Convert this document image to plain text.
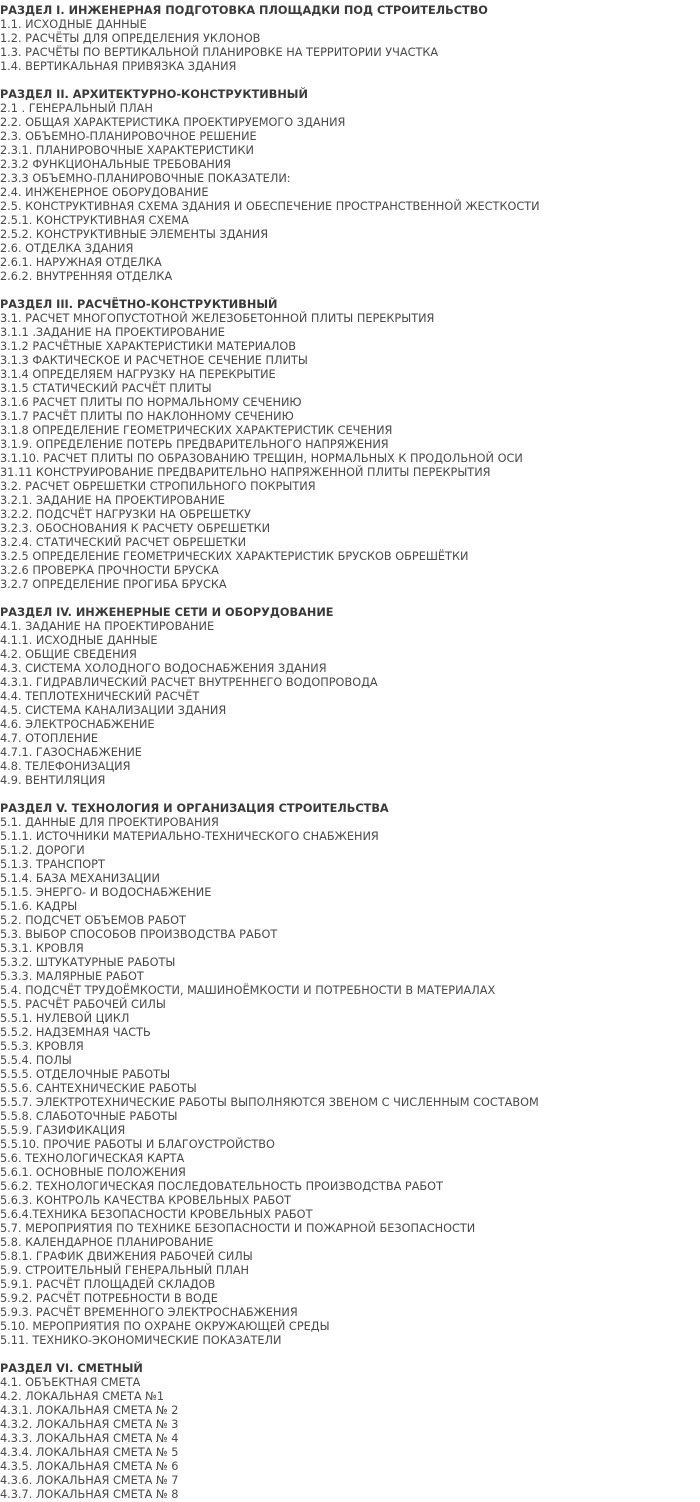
РАЗДЕЛ I. ИНЖЕНЕРНАЯ ПОДГОТОВКА ПЛОЩАДКИ ПОД СТРОИТЕЛЬСТВО
1.1. ИСХОДНЫЕ ДАННЫЕ
1.2. РАСЧЁТЫ ДЛЯ ОПРЕДЕЛЕНИЯ УКЛОНОВ
1.3. РАСЧЁТЫ ПО ВЕРТИКАЛЬНОЙ ПЛАНИРОВКЕ НА ТЕРРИТОРИИ УЧАСТКА
1.4. ВЕРТИКАЛЬНАЯ ПРИВЯЗКА ЗДАНИЯ
РАЗДЕЛ II. АРХИТЕКТУРНО-КОНСТРУКТИВНЫЙ
2.1 . ГЕНЕРАЛЬНЫЙ ПЛАН
2.2. ОБЩАЯ ХАРАКТЕРИСТИКА ПРОЕКТИРУЕМОГО ЗДАНИЯ
2.3. ОБЪЕМНО-ПЛАНИРОВОЧНОЕ РЕШЕНИЕ
2.3.1. ПЛАНИРОВОЧНЫЕ ХАРАКТЕРИСТИКИ
2.3.2 ФУНКЦИОНАЛЬНЫЕ ТРЕБОВАНИЯ
2.3.3 ОБЪЕМНО-ПЛАНИРОВОЧНЫЕ ПОКАЗАТЕЛИ:
2.4. ИНЖЕНЕРНОЕ ОБОРУДОВАНИЕ
2.5. КОНСТРУКТИВНАЯ СХЕМА ЗДАНИЯ И ОБЕСПЕЧЕНИЕ ПРОСТРАНСТВЕННОЙ ЖЕСТКОСТИ
2.5.1. КОНСТРУКТИВНАЯ СХЕМА
2.5.2. КОНСТРУКТИВНЫЕ ЭЛЕМЕНТЫ ЗДАНИЯ
2.6. ОТДЕЛКА ЗДАНИЯ
2.6.1. НАРУЖНАЯ ОТДЕЛКА
2.6.2. ВНУТРЕННЯЯ ОТДЕЛКА
РАЗДЕЛ III. РАСЧЁТНО-КОНСТРУКТИВНЫЙ
3.1. РАСЧЕТ МНОГОПУСТОТНОЙ ЖЕЛЕЗОБЕТОННОЙ ПЛИТЫ ПЕРЕКРЫТИЯ
3.1.1 .ЗАДАНИЕ НА ПРОЕКТИРОВАНИЕ
3.1.2 РАСЧЁТНЫЕ ХАРАКТЕРИСТИКИ МАТЕРИАЛОВ
3.1.3 ФАКТИЧЕСКОЕ И РАСЧЕТНОЕ СЕЧЕНИЕ ПЛИТЫ
3.1.4 ОПРЕДЕЛЯЕМ НАГРУЗКУ НА ПЕРЕКРЫТИЕ
3.1.5 СТАТИЧЕСКИЙ РАСЧЁТ ПЛИТЫ
3.1.6 РАСЧЕТ ПЛИТЫ ПО НОРМАЛЬНОМУ СЕЧЕНИЮ
3.1.7 РАСЧЁТ ПЛИТЫ ПО НАКЛОННОМУ СЕЧЕНИЮ
3.1.8 ОПРЕДЕЛЕНИЕ ГЕОМЕТРИЧЕСКИХ ХАРАКТЕРИСТИК СЕЧЕНИЯ
3.1.9. ОПРЕДЕЛЕНИЕ ПОТЕРЬ ПРЕДВАРИТЕЛЬНОГО НАПРЯЖЕНИЯ
3.1.10. РАСЧЕТ ПЛИТЫ ПО ОБРАЗОВАНИЮ ТРЕЩИН, НОРМАЛЬНЫХ К ПРОДОЛЬНОЙ ОСИ
31.11 КОНСТРУИРОВАНИЕ ПРЕДВАРИТЕЛЬНО НАПРЯЖЕННОЙ ПЛИТЫ ПЕРЕКРЫТИЯ
3.2. РАСЧЕТ ОБРЕШЕТКИ СТРОПИЛЬНОГО ПОКРЫТИЯ
3.2.1. ЗАДАНИЕ НА ПРОЕКТИРОВАНИЕ
3.2.2. ПОДСЧЁТ НАГРУЗКИ НА ОБРЕШЕТКУ
3.2.3. ОБОСНОВАНИЯ К РАСЧЕТУ ОБРЕШЕТКИ
3.2.4. СТАТИЧЕСКИЙ РАСЧЕТ ОБРЕШЕТКИ
3.2.5 ОПРЕДЕЛЕНИЕ ГЕОМЕТРИЧЕСКИХ ХАРАКТЕРИСТИК БРУСКОВ ОБРЕШЁТКИ
3.2.6 ПРОВЕРКА ПРОЧНОСТИ БРУСКА
3.2.7 ОПРЕДЕЛЕНИЕ ПРОГИБА БРУСКА
РАЗДЕЛ IV. ИНЖЕНЕРНЫЕ СЕТИ И ОБОРУДОВАНИЕ
4.1. ЗАДАНИЕ НА ПРОЕКТИРОВАНИЕ
4.1.1. ИСХОДНЫЕ ДАННЫЕ
4.2. ОБЩИЕ СВЕДЕНИЯ
4.3. СИСТЕМА ХОЛОДНОГО ВОДОСНАБЖЕНИЯ ЗДАНИЯ
4.3.1. ГИДРАВЛИЧЕСКИЙ РАСЧЕТ ВНУТРЕННЕГО ВОДОПРОВОДА
4.4. ТЕПЛОТЕХНИЧЕСКИЙ РАСЧЁТ
4.5. СИСТЕМА КАНАЛИЗАЦИИ ЗДАНИЯ
4.6. ЭЛЕКТРОСНАБЖЕНИЕ
4.7. ОТОПЛЕНИЕ
4.7.1. ГАЗОСНАБЖЕНИЕ
4.8. ТЕЛЕФОНИЗАЦИЯ
4.9. ВЕНТИЛЯЦИЯ
РАЗДЕЛ V. ТЕХНОЛОГИЯ И ОРГАНИЗАЦИЯ СТРОИТЕЛЬСТВА
5.1. ДАННЫЕ ДЛЯ ПРОЕКТИРОВАНИЯ
5.1.1. ИСТОЧНИКИ МАТЕРИАЛЬНО-ТЕХНИЧЕСКОГО СНАБЖЕНИЯ
5.1.2. ДОРОГИ
5.1.3. ТРАНСПОРТ
5.1.4. БАЗА МЕХАНИЗАЦИИ
5.1.5. ЭНЕРГО- И ВОДОСНАБЖЕНИЕ
5.1.6. КАДРЫ
5.2. ПОДСЧЕТ ОБЪЕМОВ РАБОТ
5.3. ВЫБОР СПОСОБОВ ПРОИЗВОДСТВА РАБОТ
5.3.1. КРОВЛЯ
5.3.2. ШТУКАТУРНЫЕ РАБОТЫ
5.3.3. МАЛЯРНЫЕ РАБОТ
5.4. ПОДСЧЁТ ТРУДОЁМКОСТИ, МАШИНОЁМКОСТИ И ПОТРЕБНОСТИ В МАТЕРИАЛАХ
5.5. РАСЧЁТ РАБОЧЕЙ СИЛЫ
5.5.1. НУЛЕВОЙ ЦИКЛ
5.5.2. НАДЗЕМНАЯ ЧАСТЬ
5.5.3. КРОВЛЯ
5.5.4. ПОЛЫ
5.5.5. ОТДЕЛОЧНЫЕ РАБОТЫ
5.5.6. САНТЕХНИЧЕСКИЕ РАБОТЫ
5.5.7. ЭЛЕКТРОТЕХНИЧЕСКИЕ РАБОТЫ ВЫПОЛНЯЮТСЯ ЗВЕНОМ С ЧИСЛЕННЫМ СОСТАВОМ
5.5.8. СЛАБОТОЧНЫЕ РАБОТЫ
5.5.9. ГАЗИФИКАЦИЯ
5.5.10. ПРОЧИЕ РАБОТЫ И БЛАГОУСТРОЙСТВО
5.6. ТЕХНОЛОГИЧЕСКАЯ КАРТА
5.6.1. ОСНОВНЫЕ ПОЛОЖЕНИЯ
5.6.2. ТЕХНОЛОГИЧЕСКАЯ ПОСЛЕДОВАТЕЛЬНОСТЬ ПРОИЗВОДСТВА РАБОТ
5.6.3. КОНТРОЛЬ КАЧЕСТВА КРОВЕЛЬНЫХ РАБОТ
5.6.4.ТЕХНИКА БЕЗОПАСНОСТИ КРОВЕЛЬНЫХ РАБОТ
5.7. МЕРОПРИЯТИЯ ПО ТЕХНИКЕ БЕЗОПАСНОСТИ И ПОЖАРНОЙ БЕЗОПАСНОСТИ
5.8. КАЛЕНДАРНОЕ ПЛАНИРОВАНИЕ
5.8.1. ГРАФИК ДВИЖЕНИЯ РАБОЧЕЙ СИЛЫ
5.9. СТРОИТЕЛЬНЫЙ ГЕНЕРАЛЬНЫЙ ПЛАН
5.9.1. РАСЧЁТ ПЛОЩАДЕЙ СКЛАДОВ
5.9.2. РАСЧЁТ ПОТРЕБНОСТИ В ВОДЕ
5.9.3. РАСЧЁТ ВРЕМЕННОГО ЭЛЕКТРОСНАБЖЕНИЯ
5.10. МЕРОПРИЯТИЯ ПО ОХРАНЕ ОКРУЖАЮЩЕЙ СРЕДЫ
5.11. ТЕХНИКО-ЭКОНОМИЧЕСКИЕ ПОКАЗАТЕЛИ
РАЗДЕЛ VI. СМЕТНЫЙ
4.1. ОБЪЕКТНАЯ СМЕТА
4.2. ЛОКАЛЬНАЯ СМЕТА №1
4.3.1. ЛОКАЛЬНАЯ СМЕТА № 2
4.3.2. ЛОКАЛЬНАЯ СМЕТА № 3
4.3.3. ЛОКАЛЬНАЯ СМЕТА № 4
4.3.4. ЛОКАЛЬНАЯ СМЕТА № 5
4.3.5. ЛОКАЛЬНАЯ СМЕТА № 6
4.3.6. ЛОКАЛЬНАЯ СМЕТА № 7
4.3.7. ЛОКАЛЬНАЯ СМЕТА № 8
